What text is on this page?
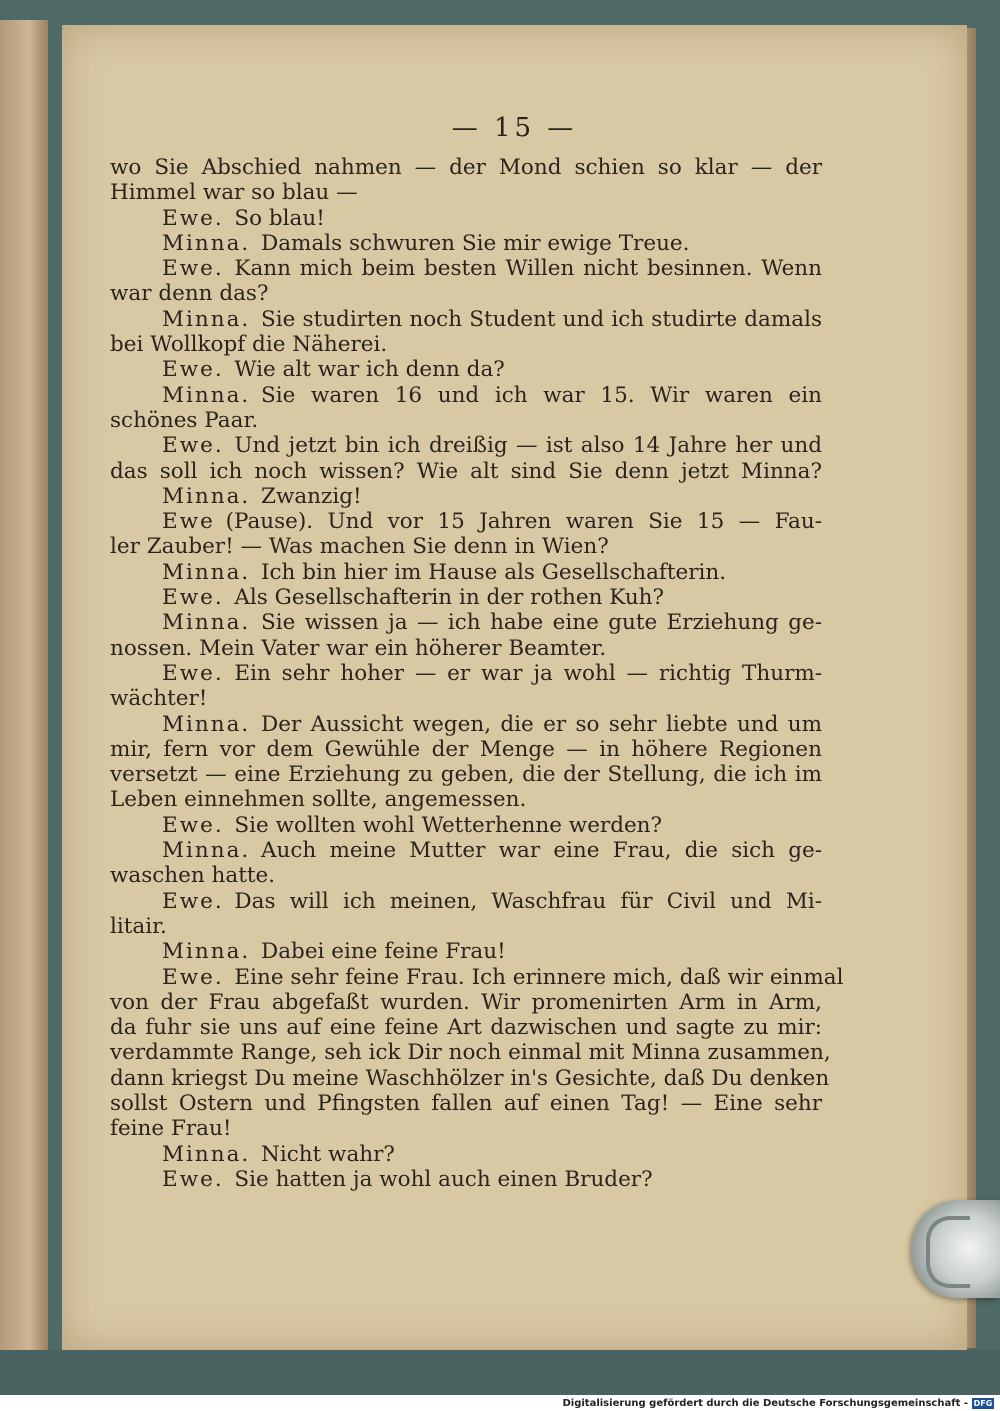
— 15 —
wo Sie Abschied nahmen — der Mond schien so klar — der
Himmel war so blau —
Ewe.  So blau!
Minna.  Damals schwuren Sie mir ewige Treue.
Ewe.  Kann mich beim besten Willen nicht besinnen. Wenn
war denn das?
Minna.  Sie studirten noch Student und ich studirte damals
bei Wollkopf die Näherei.
Ewe.  Wie alt war ich denn da?
Minna.  Sie waren 16 und ich war 15. Wir waren ein
schönes Paar.
Ewe.  Und jetzt bin ich dreißig — ist also 14 Jahre her und
das soll ich noch wissen? Wie alt sind Sie denn jetzt Minna?
Minna.  Zwanzig!
Ewe  (Pause). Und vor 15 Jahren waren Sie 15 — Fau-
ler Zauber! — Was machen Sie denn in Wien?
Minna.  Ich bin hier im Hause als Gesellschafterin.
Ewe.  Als Gesellschafterin in der rothen Kuh?
Minna.  Sie wissen ja — ich habe eine gute Erziehung ge-
nossen. Mein Vater war ein höherer Beamter.
Ewe.  Ein sehr hoher — er war ja wohl — richtig Thurm-
wächter!
Minna.  Der Aussicht wegen, die er so sehr liebte und um
mir, fern vor dem Gewühle der Menge — in höhere Regionen
versetzt — eine Erziehung zu geben, die der Stellung, die ich im
Leben einnehmen sollte, angemessen.
Ewe.  Sie wollten wohl Wetterhenne werden?
Minna.  Auch meine Mutter war eine Frau, die sich ge-
waschen hatte.
Ewe.  Das will ich meinen, Waschfrau für Civil und Mi-
litair.
Minna.  Dabei eine feine Frau!
Ewe.  Eine sehr feine Frau. Ich erinnere mich, daß wir einmal
von der Frau abgefaßt wurden. Wir promenirten Arm in Arm,
da fuhr sie uns auf eine feine Art dazwischen und sagte zu mir:
verdammte Range, seh ick Dir noch einmal mit Minna zusammen,
dann kriegst Du meine Waschhölzer in's Gesichte, daß Du denken
sollst Ostern und Pfingsten fallen auf einen Tag! — Eine sehr
feine Frau!
Minna.  Nicht wahr?
Ewe.  Sie hatten ja wohl auch einen Bruder?
Digitalisierung gefördert durch die Deutsche Forschungsgemeinschaft - DFG
